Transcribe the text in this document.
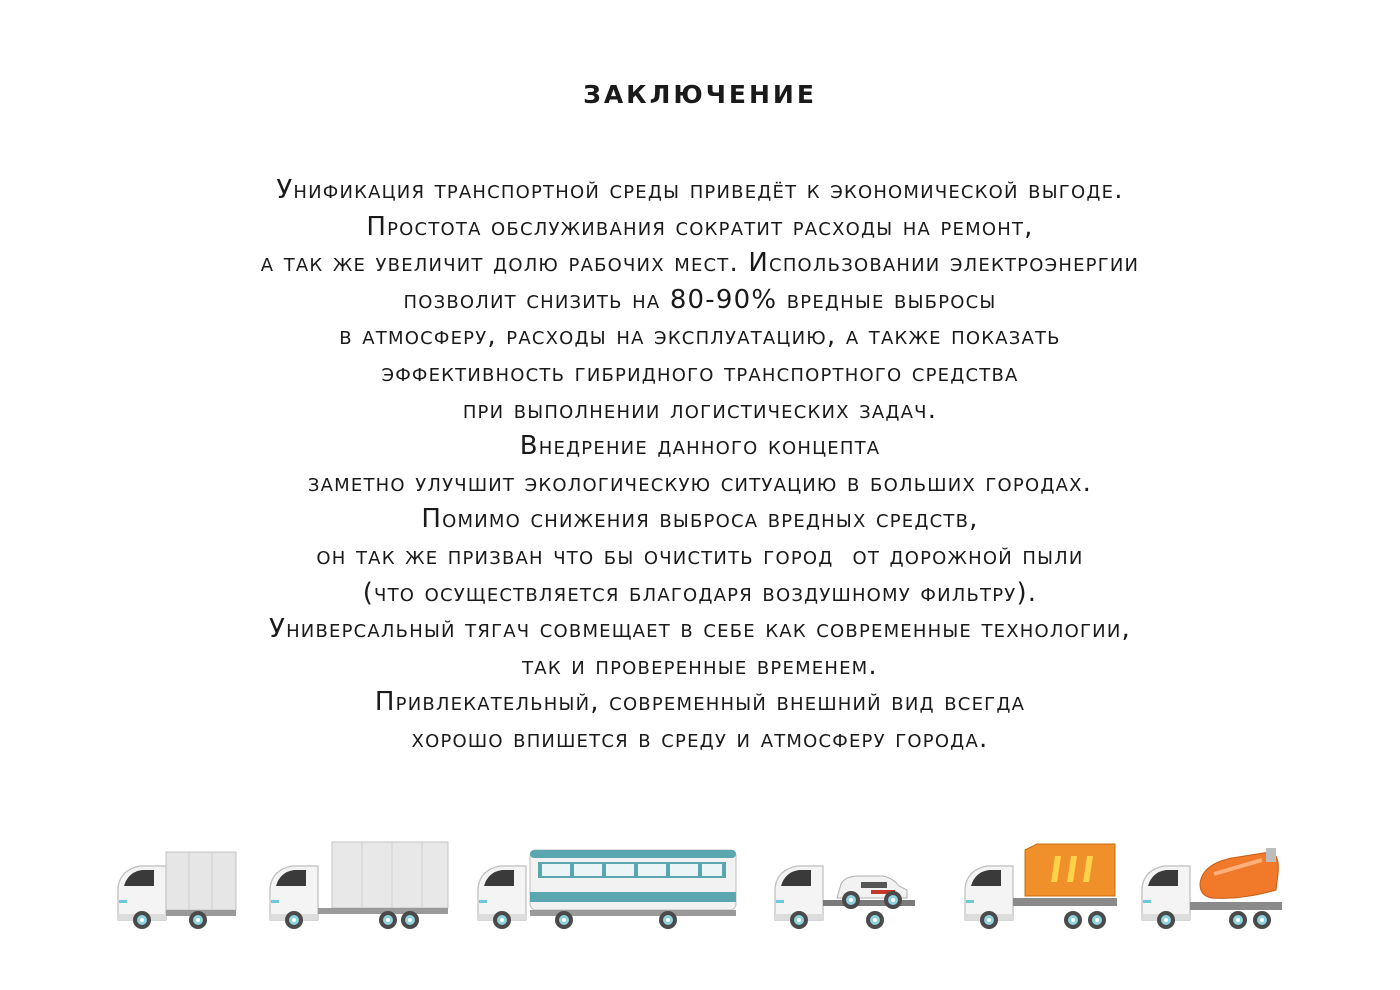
ЗАКЛЮЧЕНИЕ
Унификация транспортной среды приведёт к экономической выгоде.
Простота обслуживания сократит расходы на ремонт,
а так же увеличит долю рабочих мест. Использовании электроэнергии
позволит снизить на 80-90% вредные выбросы
в атмосферу, расходы на эксплуатацию, а также показать
эффективность гибридного транспортного средства
при выполнении логистических задач.
Внедрение данного концепта
заметно улучшит экологическую ситуацию в больших городах.
Помимо снижения выброса вредных средств,
он так же призван что бы очистить город  от дорожной пыли
(что осуществляется благодаря воздушному фильтру).
Универсальный тягач совмещает в себе как современные технологии,
так и проверенные временем.
Привлекательный, современный внешний вид всегда
хорошо впишется в среду и атмосферу города.
